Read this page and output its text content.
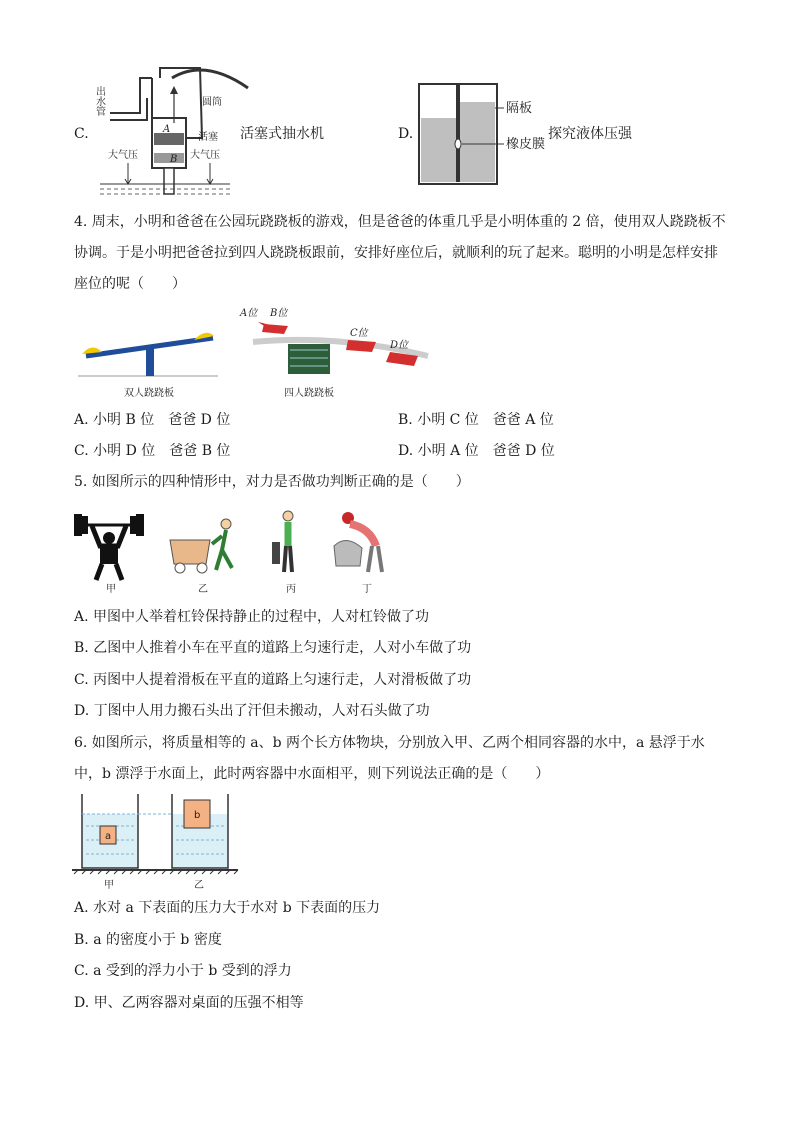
C.	A
B
出水管	圆筒
活塞
大气压	大气压
活塞式抽水机	D.
隔板
橡皮膜
探究液体压强
4. 周末，小明和爸爸在公园玩跷跷板的游戏，但是爸爸的体重几乎是小明体重的 2 倍，使用双人跷跷板不
协调。于是小明把爸爸拉到四人跷跷板跟前，安排好座位后，就顺利的玩了起来。聪明的小明是怎样安排
座位的呢（　　）
双人跷跷板
A位 B位
C位
D位
四人跷跷板
A. 小明 B 位　爸爸 D 位	B. 小明 C 位　爸爸 A 位
C. 小明 D 位　爸爸 B 位	D. 小明 A 位　爸爸 D 位
5. 如图所示的四种情形中，对力是否做功判断正确的是（　　）
甲	乙	丙	丁
A. 甲图中人举着杠铃保持静止的过程中，人对杠铃做了功
B. 乙图中人推着小车在平直的道路上匀速行走，人对小车做了功
C. 丙图中人提着滑板在平直的道路上匀速行走，人对滑板做了功
D. 丁图中人用力搬石头出了汗但未搬动，人对石头做了功
6. 如图所示，将质量相等的 a、b 两个长方体物块，分别放入甲、乙两个相同容器的水中，a 悬浮于水
中，b 漂浮于水面上，此时两容器中水面相平，则下列说法正确的是（　　）
a
b
甲	乙
A. 水对 a 下表面的压力大于水对 b 下表面的压力
B. a 的密度小于 b 密度
C. a 受到的浮力小于 b 受到的浮力
D. 甲、乙两容器对桌面的压强不相等
